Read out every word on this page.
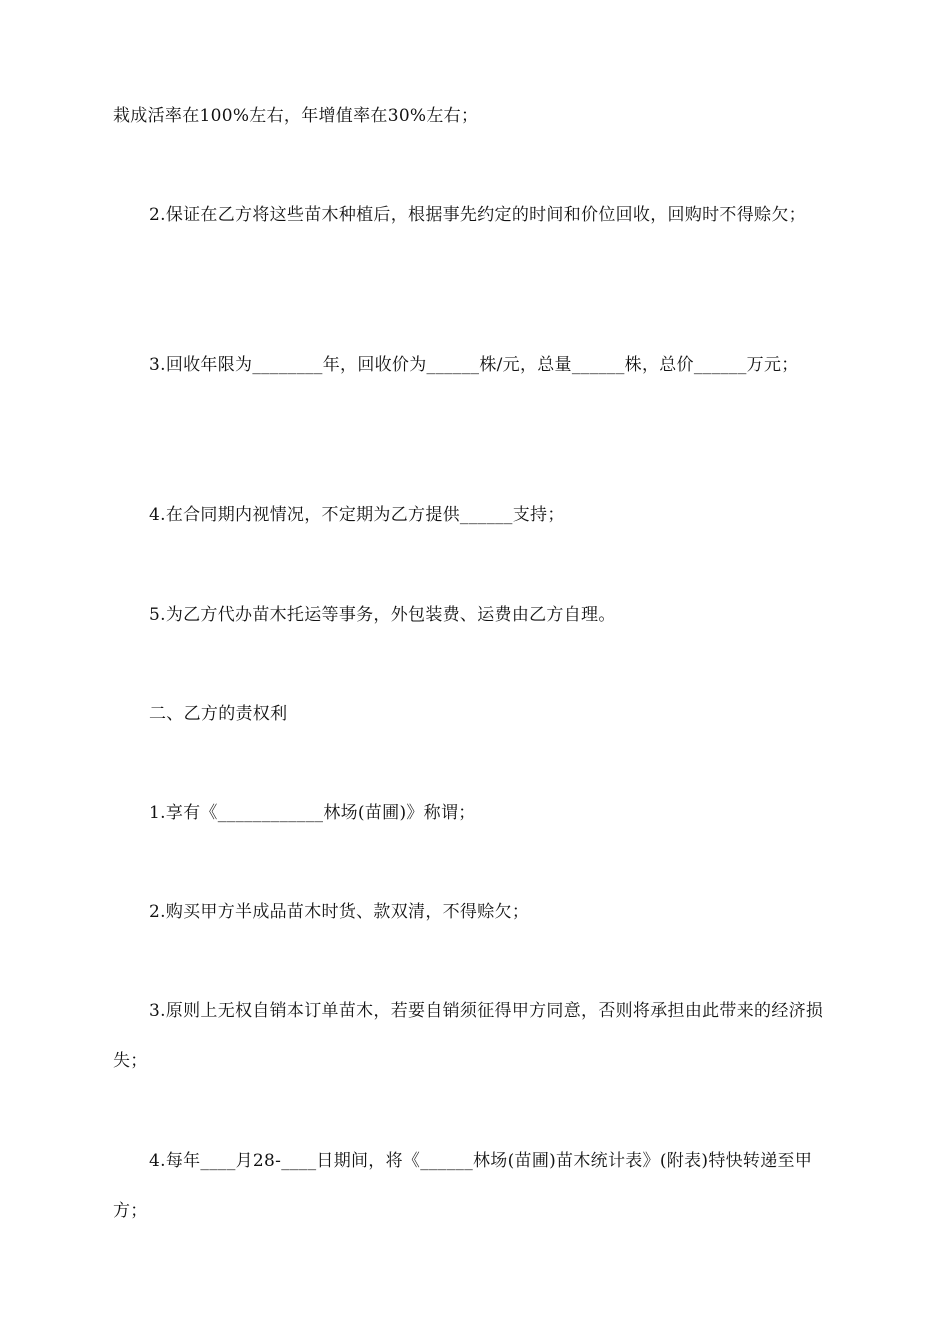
栽成活率在100%左右，年增值率在30%左右；

2.保证在乙方将这些苗木种植后，根据事先约定的时间和价位回收，回购时不得赊欠；

3.回收年限为________年，回收价为______株/元，总量______株，总价______万元；

4.在合同期内视情况，不定期为乙方提供______支持；

5.为乙方代办苗木托运等事务，外包装费、运费由乙方自理。

二、乙方的责权利

1.享有《____________林场(苗圃)》称谓；

2.购买甲方半成品苗木时货、款双清，不得赊欠；

3.原则上无权自销本订单苗木，若要自销须征得甲方同意，否则将承担由此带来的经济损失；

4.每年____月28-____日期间，将《______林场(苗圃)苗木统计表》(附表)特快转递至甲方；
